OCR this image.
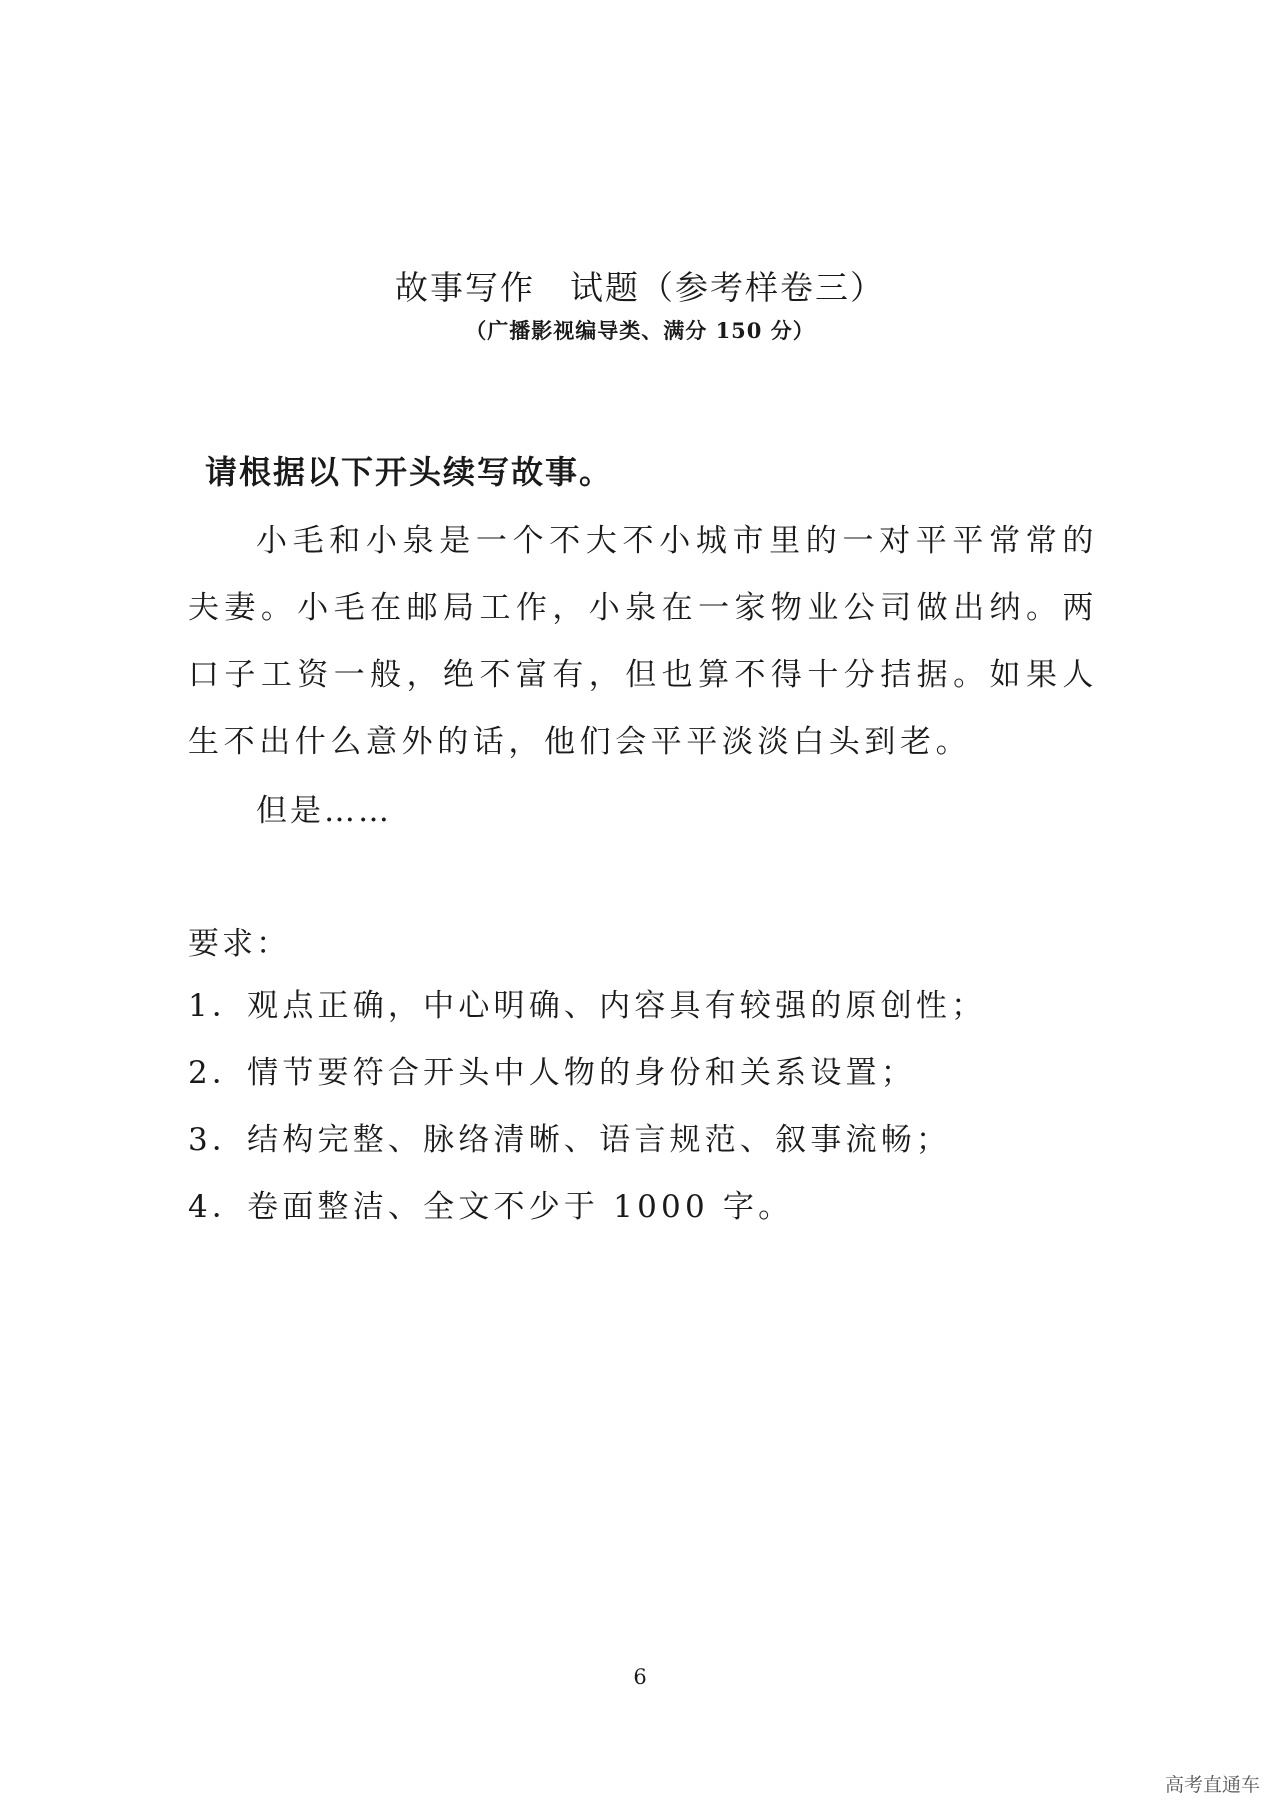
故事写作　试题（参考样卷三）
（广播影视编导类、满分 150 分）
请根据以下开头续写故事。

小毛和小泉是一个不大不小城市里的一对平平常常的夫妻。小毛在邮局工作，小泉在一家物业公司做出纳。两口子工资一般，绝不富有，但也算不得十分拮据。如果人生不出什么意外的话，他们会平平淡淡白头到老。

但是……
要求：
1．观点正确，中心明确、内容具有较强的原创性；
2．情节要符合开头中人物的身份和关系设置；
3．结构完整、脉络清晰、语言规范、叙事流畅；
4．卷面整洁、全文不少于 1000 字。
6
高考直通车
